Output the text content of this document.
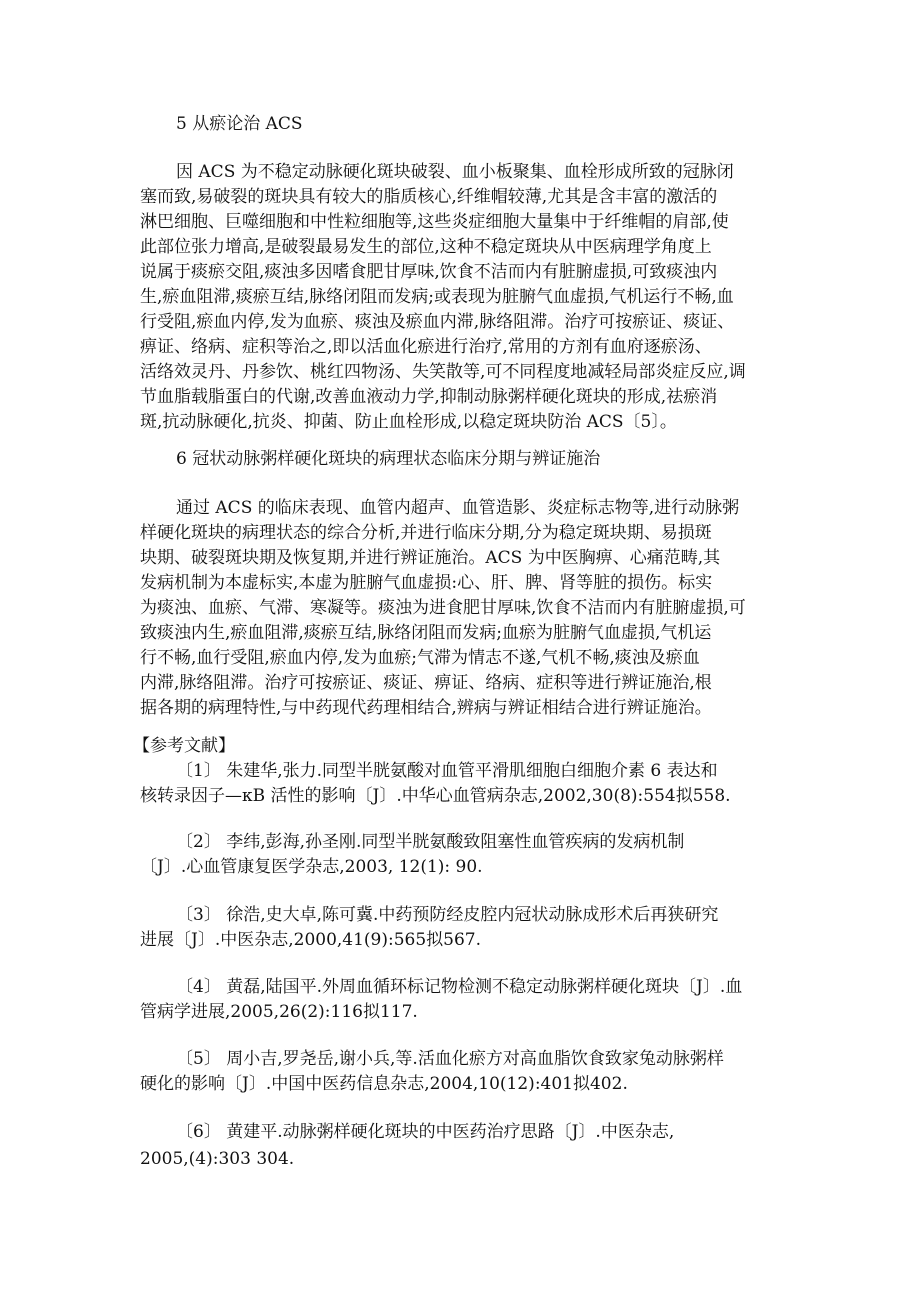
5 从瘀论治 ACS
因 ACS 为不稳定动脉硬化斑块破裂、血小板聚集、血栓形成所致的冠脉闭
塞而致,易破裂的斑块具有较大的脂质核心,纤维帽较薄,尤其是含丰富的激活的
淋巴细胞、巨噬细胞和中性粒细胞等,这些炎症细胞大量集中于纤维帽的肩部,使
此部位张力增高,是破裂最易发生的部位,这种不稳定斑块从中医病理学角度上
说属于痰瘀交阻,痰浊多因嗜食肥甘厚味,饮食不洁而内有脏腑虚损,可致痰浊内
生,瘀血阻滞,痰瘀互结,脉络闭阻而发病;或表现为脏腑气血虚损,气机运行不畅,血
行受阻,瘀血内停,发为血瘀、痰浊及瘀血内滞,脉络阻滞。治疗可按瘀证、痰证、
痹证、络病、症积等治之,即以活血化瘀进行治疗,常用的方剂有血府逐瘀汤、
活络效灵丹、丹参饮、桃红四物汤、失笑散等,可不同程度地减轻局部炎症反应,调
节血脂载脂蛋白的代谢,改善血液动力学,抑制动脉粥样硬化斑块的形成,祛瘀消
斑,抗动脉硬化,抗炎、抑菌、防止血栓形成,以稳定斑块防治 ACS〔5〕。
6 冠状动脉粥样硬化斑块的病理状态临床分期与辨证施治
通过 ACS 的临床表现、血管内超声、血管造影、炎症标志物等,进行动脉粥
样硬化斑块的病理状态的综合分析,并进行临床分期,分为稳定斑块期、易损斑
块期、破裂斑块期及恢复期,并进行辨证施治。ACS 为中医胸痹、心痛范畴,其
发病机制为本虚标实,本虚为脏腑气血虚损:心、肝、脾、肾等脏的损伤。标实
为痰浊、血瘀、气滞、寒凝等。痰浊为进食肥甘厚味,饮食不洁而内有脏腑虚损,可
致痰浊内生,瘀血阻滞,痰瘀互结,脉络闭阻而发病;血瘀为脏腑气血虚损,气机运
行不畅,血行受阻,瘀血内停,发为血瘀;气滞为情志不遂,气机不畅,痰浊及瘀血
内滞,脉络阻滞。治疗可按瘀证、痰证、痹证、络病、症积等进行辨证施治,根
据各期的病理特性,与中药现代药理相结合,辨病与辨证相结合进行辨证施治。
【参考文献】
〔1〕 朱建华,张力.同型半胱氨酸对血管平滑肌细胞白细胞介素 6 表达和
核转录因子—κB 活性的影响〔J〕.中华心血管病杂志,2002,30(8):554拟558.
〔2〕 李纬,彭海,孙圣刚.同型半胱氨酸致阻塞性血管疾病的发病机制
〔J〕.心血管康复医学杂志,2003, 12(1): 90.
〔3〕 徐浩,史大卓,陈可冀.中药预防经皮腔内冠状动脉成形术后再狭研究
进展〔J〕.中医杂志,2000,41(9):565拟567.
〔4〕 黄磊,陆国平.外周血循环标记物检测不稳定动脉粥样硬化斑块〔J〕.血
管病学进展,2005,26(2):116拟117.
〔5〕 周小吉,罗尧岳,谢小兵,等.活血化瘀方对高血脂饮食致家兔动脉粥样
硬化的影响〔J〕.中国中医药信息杂志,2004,10(12):401拟402.
〔6〕 黄建平.动脉粥样硬化斑块的中医药治疗思路〔J〕.中医杂志,
2005,(4):303 304.
